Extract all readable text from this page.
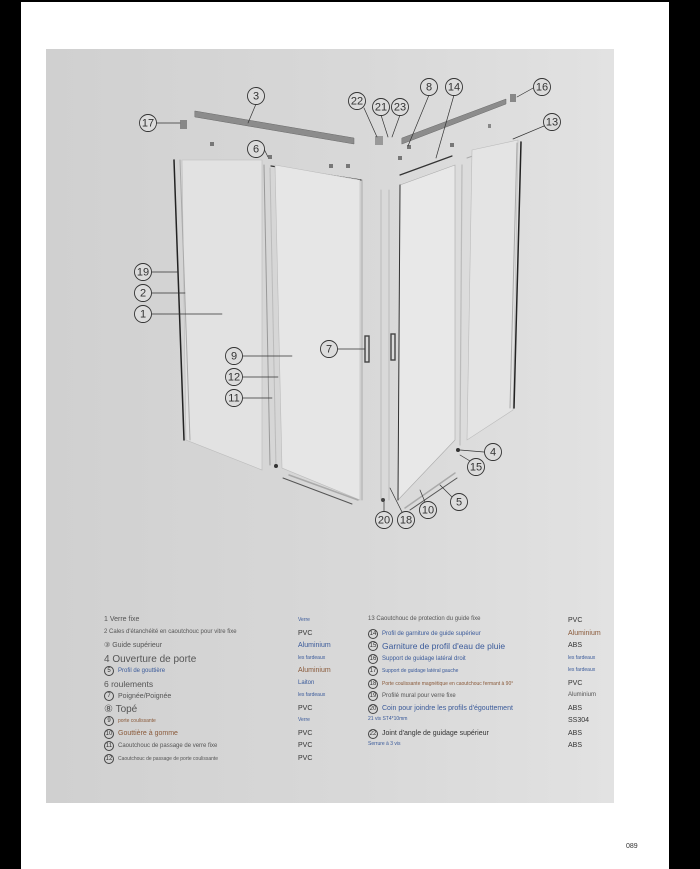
3
17
22 21 23
8 14	16
13
6
19
2
1
9
12
11
7
4
15
5
10
20 18
089
1 Verre fixe	Verre
2 Cales d'étanchéité en caoutchouc pour vitre fixe	PVC
③ Guide supérieur	Aluminium
4 Ouverture de porte	les fardeaux
5	Profil de gouttière	Aluminium
6 roulements	Laiton
7	Poignée/Poignée	les fardeaux
⑧ Topé	PVC
9	porte coulissante	Verre
10 Gouttière à gomme	PVC
11 Caoutchouc de passage de verre fixe	PVC
12	Caoutchouc de passage de porte coulissante	PVC
13 Caoutchouc de protection du guide fixe	PVC
14 Profil de garniture de guide supérieur	Aluminium
15 Garniture de profil d'eau de pluie	ABS
16 Support de guidage latéral droit	les fardeaux
17	Support de guidage latéral gauche	les fardeaux
18	Porte coulissante magnétique en caoutchouc fermant à 90°	PVC
19 Profilé mural pour verre fixe	Aluminium
20 Coin pour joindre les profils d'égouttement	ABS
21 vis ST4*10mm	SS304
22 Joint d'angle de guidage supérieur	ABS
Serrure à 3 vis	ABS
